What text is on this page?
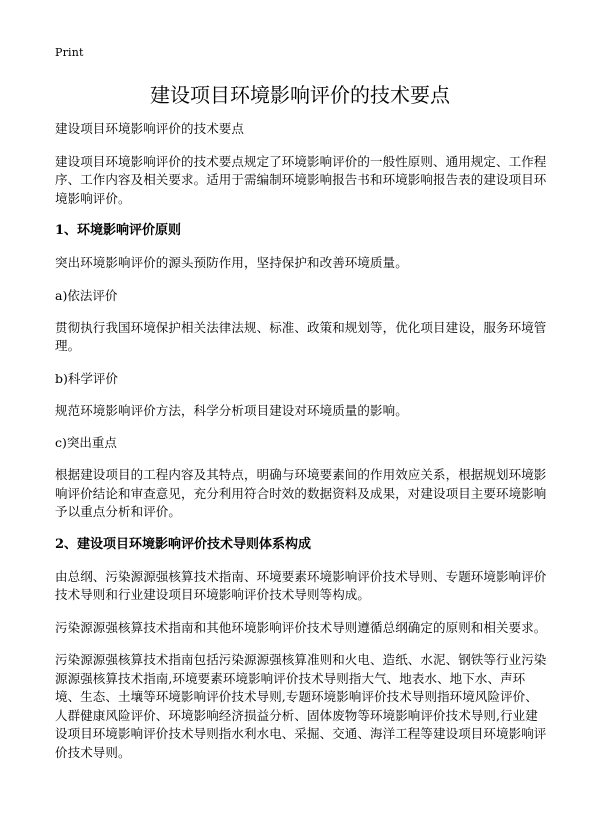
Print
建设项目环境影响评价的技术要点

建设项目环境影响评价的技术要点

建设项目环境影响评价的技术要点规定了环境影响评价的一般性原则、通用规定、工作程序、工作内容及相关要求。适用于需编制环境影响报告书和环境影响报告表的建设项目环境影响评价。

1、环境影响评价原则

突出环境影响评价的源头预防作用，坚持保护和改善环境质量。

a)依法评价

贯彻执行我国环境保护相关法律法规、标准、政策和规划等，优化项目建设，服务环境管理。

b)科学评价

规范环境影响评价方法，科学分析项目建设对环境质量的影响。

c)突出重点

根据建设项目的工程内容及其特点，明确与环境要素间的作用效应关系，根据规划环境影响评价结论和审查意见，充分利用符合时效的数据资料及成果，对建设项目主要环境影响予以重点分析和评价。

2、建设项目环境影响评价技术导则体系构成

由总纲、污染源源强核算技术指南、环境要素环境影响评价技术导则、专题环境影响评价技术导则和行业建设项目环境影响评价技术导则等构成。

污染源源强核算技术指南和其他环境影响评价技术导则遵循总纲确定的原则和相关要求。

污染源源强核算技术指南包括污染源源强核算准则和火电、造纸、水泥、钢铁等行业污染源源强核算技术指南,环境要素环境影响评价技术导则指大气、地表水、地下水、声环境、生态、土壤等环境影响评价技术导则,专题环境影响评价技术导则指环境风险评价、人群健康风险评价、环境影响经济损益分析、固体废物等环境影响评价技术导则,行业建设项目环境影响评价技术导则指水利水电、采掘、交通、海洋工程等建设项目环境影响评价技术导则。
